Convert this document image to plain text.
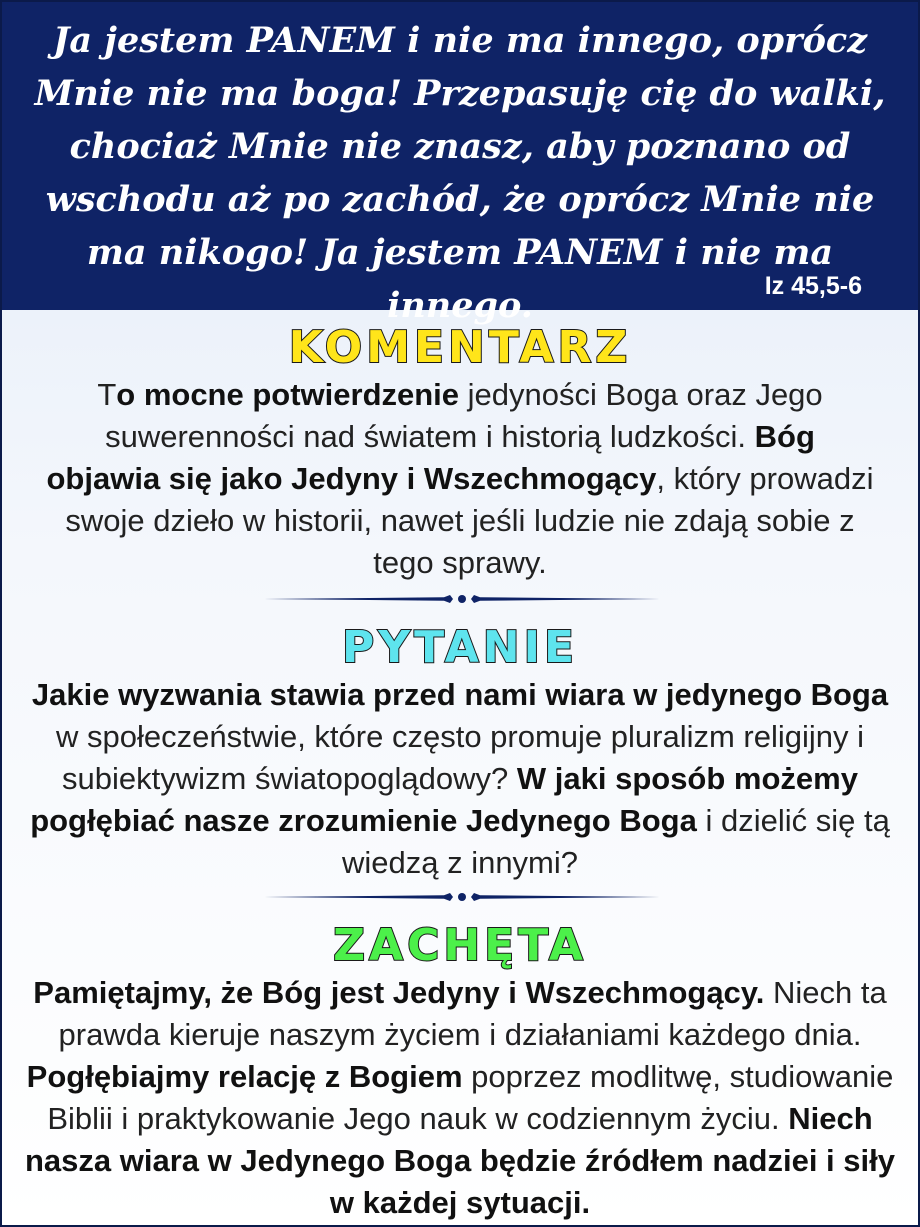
Ja jestem PANEM i nie ma innego, oprócz
Mnie nie ma boga! Przepasuję cię do walki,
chociaż Mnie nie znasz, aby poznano od
wschodu aż po zachód, że oprócz Mnie nie
ma nikogo! Ja jestem PANEM i nie ma innego.	Iz 45,5-6
KOMENTARZ

To mocne potwierdzenie jedyności Boga oraz Jego suwerenności nad światem i historią ludzkości. Bóg objawia się jako Jedyny i Wszechmogący, który prowadzi swoje dzieło w historii, nawet jeśli ludzie nie zdają sobie z tego sprawy.

PYTANIE

Jakie wyzwania stawia przed nami wiara w jedynego Boga w społeczeństwie, które często promuje pluralizm religijny i subiektywizm światopoglądowy? W jaki sposób możemy pogłębiać nasze zrozumienie Jedynego Boga i dzielić się tą wiedzą z innymi?

ZACHĘTA

Pamiętajmy, że Bóg jest Jedyny i Wszechmogący. Niech ta prawda kieruje naszym życiem i działaniami każdego dnia. Pogłębiajmy relację z Bogiem poprzez modlitwę, studiowanie Biblii i praktykowanie Jego nauk w codziennym życiu. Niech nasza wiara w Jedynego Boga będzie źródłem nadziei i siły w każdej sytuacji.
